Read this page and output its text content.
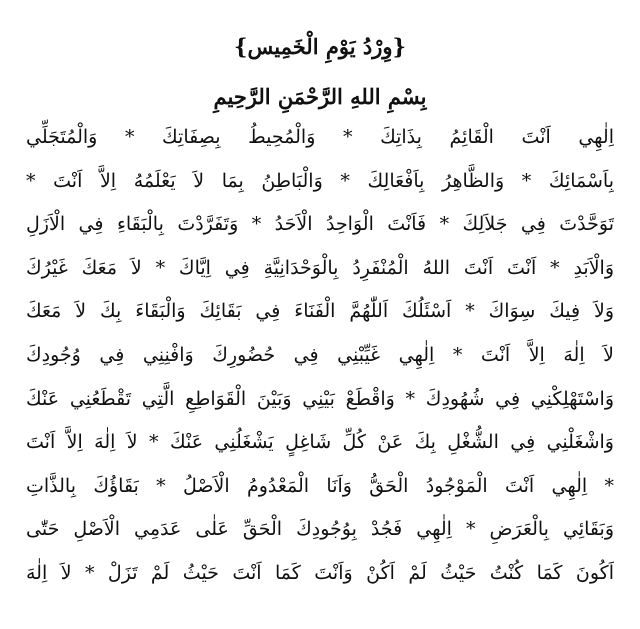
{وِرْدُ يَوْمِ الْخَمِيس}
بِسْمِ اللهِ الرَّحْمَنِ الرَّحِيمِ
اِلٰهِي اَنْتَ الْقَائِمُ بِذَاتِكَ * وَالْمُحِيطُ بِصِفَاتِكَ * وَالْمُتَجَلِّي
بِاَسْمَائِكَ * وَالظَّاهِرُ بِاَفْعَالِكَ * وَالْبَاطِنُ بِمَا لاَ يَعْلَمُهُ اِلاَّ اَنْتَ *
تَوَحَّدْتَ فِي جَلاَلِكَ * فَاَنْتَ الْوَاحِدُ الْاَحَدُ * وَتَفَرَّدْتَ بِالْبَقَاءِ فِي الْاَزَلِ
وَالْاَبَدِ * اَنْتَ اَنْتَ اللهُ الْمُنْفَرِدُ بِالْوَحْدَانِيَّةِ فِي اِيَّاكَ * لاَ مَعَكَ غَيْرُكَ
وَلاَ فِيكَ سِوَاكَ * اَسْئَلُكَ اَللّٰهُمَّ الْفَنَاءَ فِي بَقَائِكَ وَالْبَقَاءَ بِكَ لاَ مَعَكَ
لاَ اِلٰهَ اِلاَّ اَنْتَ * اِلٰهِي غَيِّبْنِي فِي حُضُورِكَ وَافْنِنِي فِي وُجُودِكَ
وَاسْتَهْلِكْنِي فِي شُهُودِكَ * وَاقْطَعْ بَيْنِي وَبَيْنَ الْقَوَاطِعِ الَّتِي تَقْطَعُنِي عَنْكَ
وَاشْغَلْنِي فِي الشُّغْلِ بِكَ عَنْ كُلِّ شَاغِلٍ يَشْغَلُنِي عَنْكَ * لاَ اِلٰهَ اِلاَّ اَنْتَ
* اِلٰهِي اَنْتَ الْمَوْجُودُ الْحَقُّ وَاَنَا الْمَعْدُومُ الْاَصْلُ * بَقَاؤُكَ بِالذَّاتِ
وَبَقَائِي بِالْعَرَضِ * اِلٰهِي فَجُدْ بِوُجُودِكَ الْحَقِّ عَلٰى عَدَمِي الْاَصْلِ حَتّٰى
اَكُونَ كَمَا كُنْتُ حَيْثُ لَمْ اَكُنْ وَاَنْتَ كَمَا اَنْتَ حَيْثُ لَمْ تَزَلْ * لاَ اِلٰهَ
